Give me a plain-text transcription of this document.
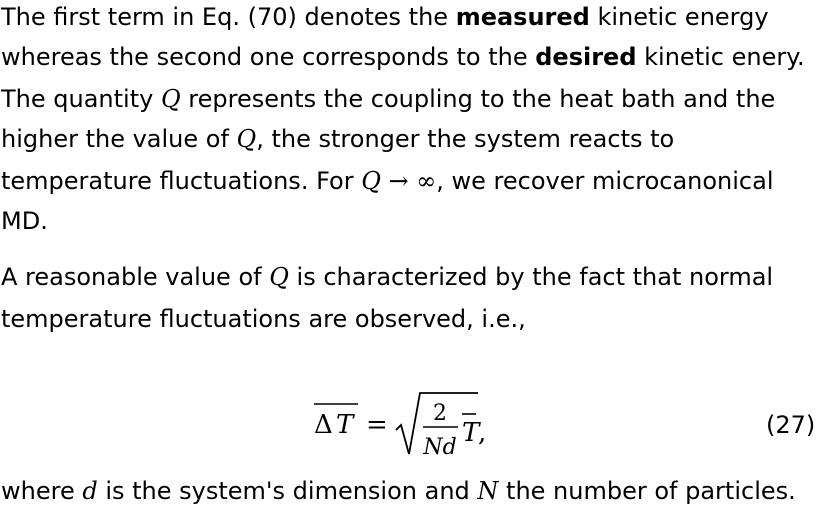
The first term in Eq. (70) denotes the measured kinetic energy
whereas the second one corresponds to the desired kinetic enery.
The quantity Q represents the coupling to the heat bath and the
higher the value of Q, the stronger the system reacts to
temperature fluctuations. For Q → ∞, we recover microcanonical
MD.
A reasonable value of Q is characterized by the fact that normal
temperature fluctuations are observed, i.e.,
Δ T = 2
Nd T
,	(27)
where d is the system's dimension and N the number of particles.
